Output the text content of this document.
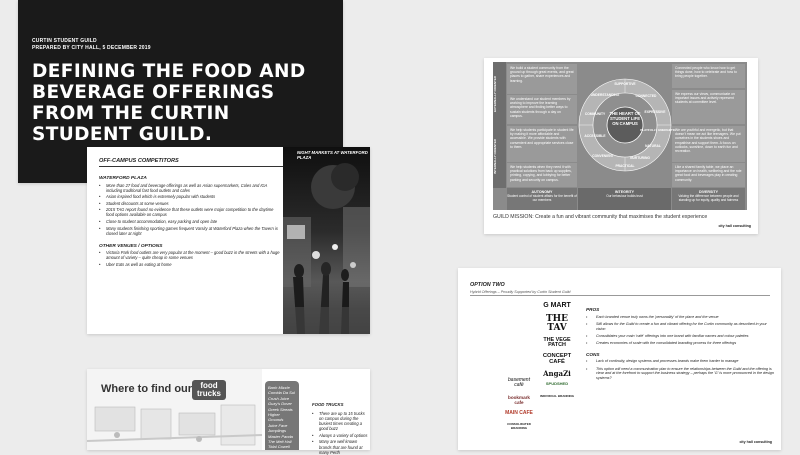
CURTIN STUDENT GUILD
PREPARED BY CITY HALL, 5 DECEMBER 2019
DEFINING THE FOOD AND BEVERAGE OFFERINGS FROM THE CURTIN STUDENT GUILD.
OFF-CAMPUS COMPETITORS
WATERFORD PLAZA
• More than 27 food and beverage offerings as well as Asian supermarkets, Coles and IGA including traditional fast food outlets and cafes
• Asian inspired food which is extremely popular with students
• Student discounts at some venues
• 2015 TAG report found no evidence that these outlets were major competition to the daytime food options available on campus
• Close to student accommodation, easy parking and open late
• Many students finishing sporting games frequent Varsity at Waterford Plaza when the Tavern is closed later at night
OTHER VENUES / OPTIONS
• Victoria Park food outlets are very popular at the moment – good buzz in the streets with a huge amount of variety – quite cheap in some venues
• Uber Eats as well as eating at home
NIGHT MARKETS AT WATERFORD PLAZA
Where to find our	food
trucks
Banh Mizzle
Comida Da Sul
Crush Juice
Guzy's Dover
Greek Streats
Higher Grounds
Juice Fave
Jumplings
Master Panda
The Melt Hall
Tidal Cowell
FOOD TRUCKS
• There are up to 15 trucks on campus during the busiest times creating a good buzz
• Always a variety of options
• Many are well known brands that are found at many Perth
EXTERNALLY ORIENTED
INTERNALLY ORIENTED
We build a student community from the ground up through great events, and great places to gather, share experiences and learning.
We understand our student members by working to improve the learning atmosphere and finding better ways to sustain students through a day on campus.
We help students participate in student life by making it more affordable and accessible. We provide students with convenient and appropriate services close to them.
We help students when they need it with practical solutions from back up supplies, printing, copying, and lobbying for better parking and security on campus.
Connected people who know how to get things done, how to celebrate and how to bring people together.
We express our views, communicate on important issues and actively represent students at committee level.
We are youthful and energetic, but that doesn't mean we act like teenagers. We put ourselves in the students shoes and empathise and support them. A focus on outlooks, sunshine, down to earth fun and recreation.
Like a shared family table, we place an importance on health, wellbeing and the role great food and beverages play in creating community.
THE HEART OF STUDENT LIFE ON CAMPUS
SUPPORTIVE
CONNECTED
EXPRESSIVE
PLAYFULLY ENERGETIC
NATURAL
NURTURING
PRACTICAL
CONVENIENT
ACCESSIBLE
COMMUNITY
UNDERSTANDING
AUTONOMY
Student control of student affairs for the benefit of our members
INTEGRITY
Our behaviour builds trust
DIVERSITY
Valuing the difference between people and standing up for equity, quality and fairness
GUILD MISSION: Create a fun and vibrant community that maximises the student experience
city hall consulting
OPTION TWO
Hybrid Offerings – Proudly Supported by Curtin Student Guild
basement café
bookmark cafe
MAIN CAFE
CONSOLIDATED BRANDING
G MART
THE TAV
THE VEGE PATCH
CONCEPT CAFÉ
AngaZi
SPUDSHED
INDIVIDUAL BRANDING
PROS
• Each branded venue truly owns the 'personality' of the place and the venue
• Still allows for the Guild to create a fun and vibrant offering for the Curtin community as described in your vision
• Consolidates your main 'café' offerings into one brand with familiar names and colour palettes
• Creates economies of scale with the consolidated branding process for three offerings
CONS
• Lack of continuity, design systems and processes brands make them harder to manage
• This option will need a communication plan to ensure the relationships between the Guild and the offering is clear and at the forefront to support the business strategy – perhaps the 'G' is more pronounced in the design systems?
city hall consulting
